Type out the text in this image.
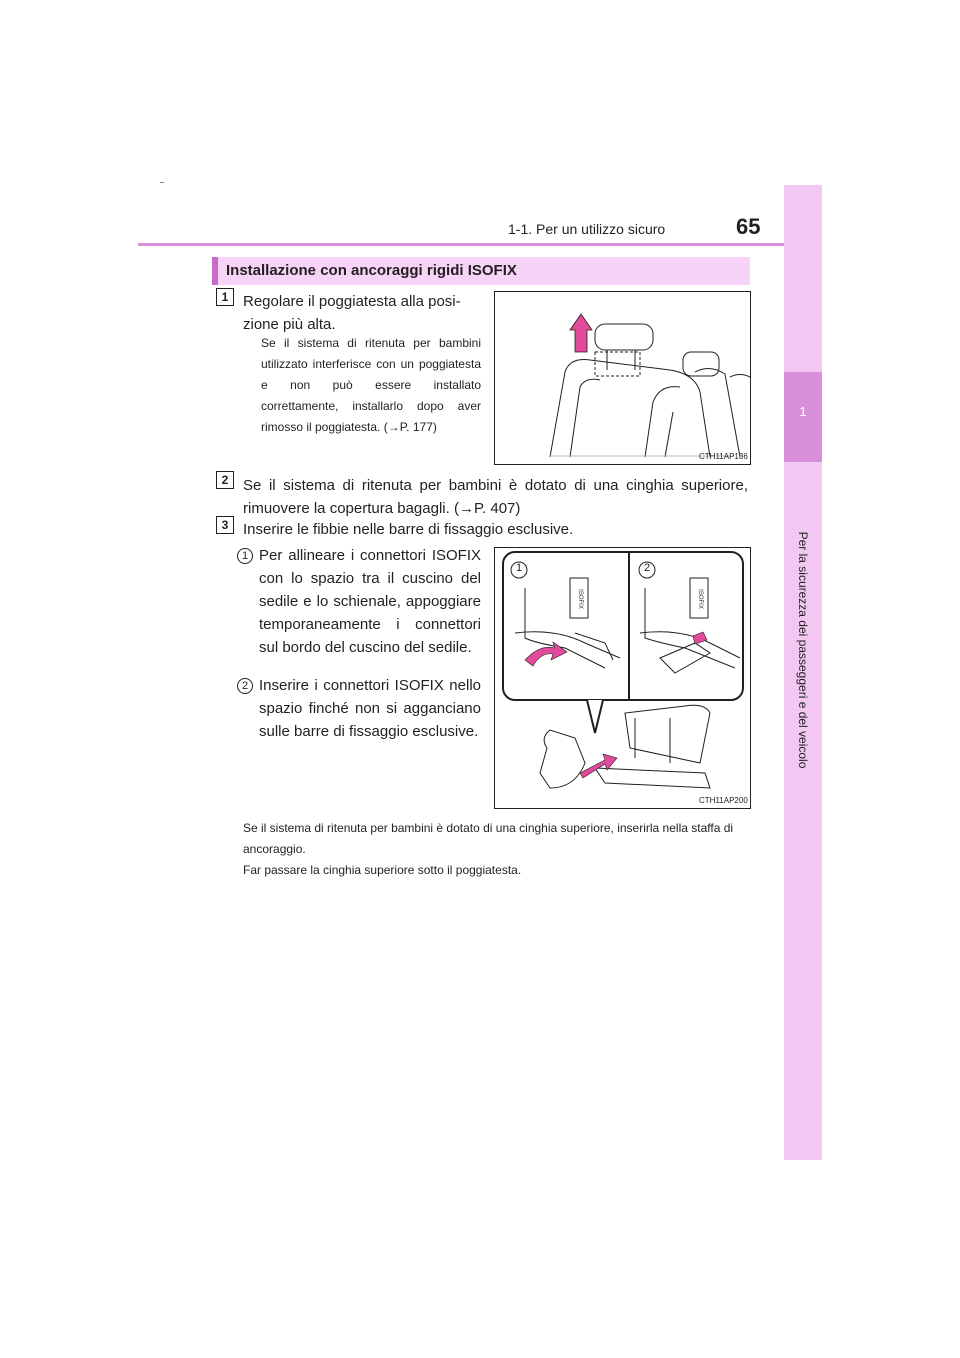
1-1. Per un utilizzo sicuro	65
1
Per la sicurezza dei passeggeri e del veicolo
Installazione con ancoraggi rigidi ISOFIX
1 Regolare il poggiatesta alla posi-
zione più alta.
Se il sistema di ritenuta per bambini utilizzato interferisce con un poggiatesta e non può essere installato correttamente, installarlo dopo aver rimosso il poggiatesta. (→P. 177)
CTH11AP136
2 Se il sistema di ritenuta per bambini è dotato di una cinghia superiore, rimuovere la copertura bagagli. (→P. 407)
3 Inserire le fibbie nelle barre di fissaggio esclusive.
1 Per allineare i connettori ISOFIX con lo spazio tra il cuscino del sedile e lo schienale, appoggiare temporaneamente i connettori sul bordo del cuscino del sedile.
2 Inserire i connettori ISOFIX nello spazio finché non si agganciano sulle barre di fissaggio esclusive.
1	2
ISOFIX	ISOFIX
CTH11AP200
Se il sistema di ritenuta per bambini è dotato di una cinghia superiore, inserirla nella staffa di ancoraggio.
Far passare la cinghia superiore sotto il poggiatesta.
